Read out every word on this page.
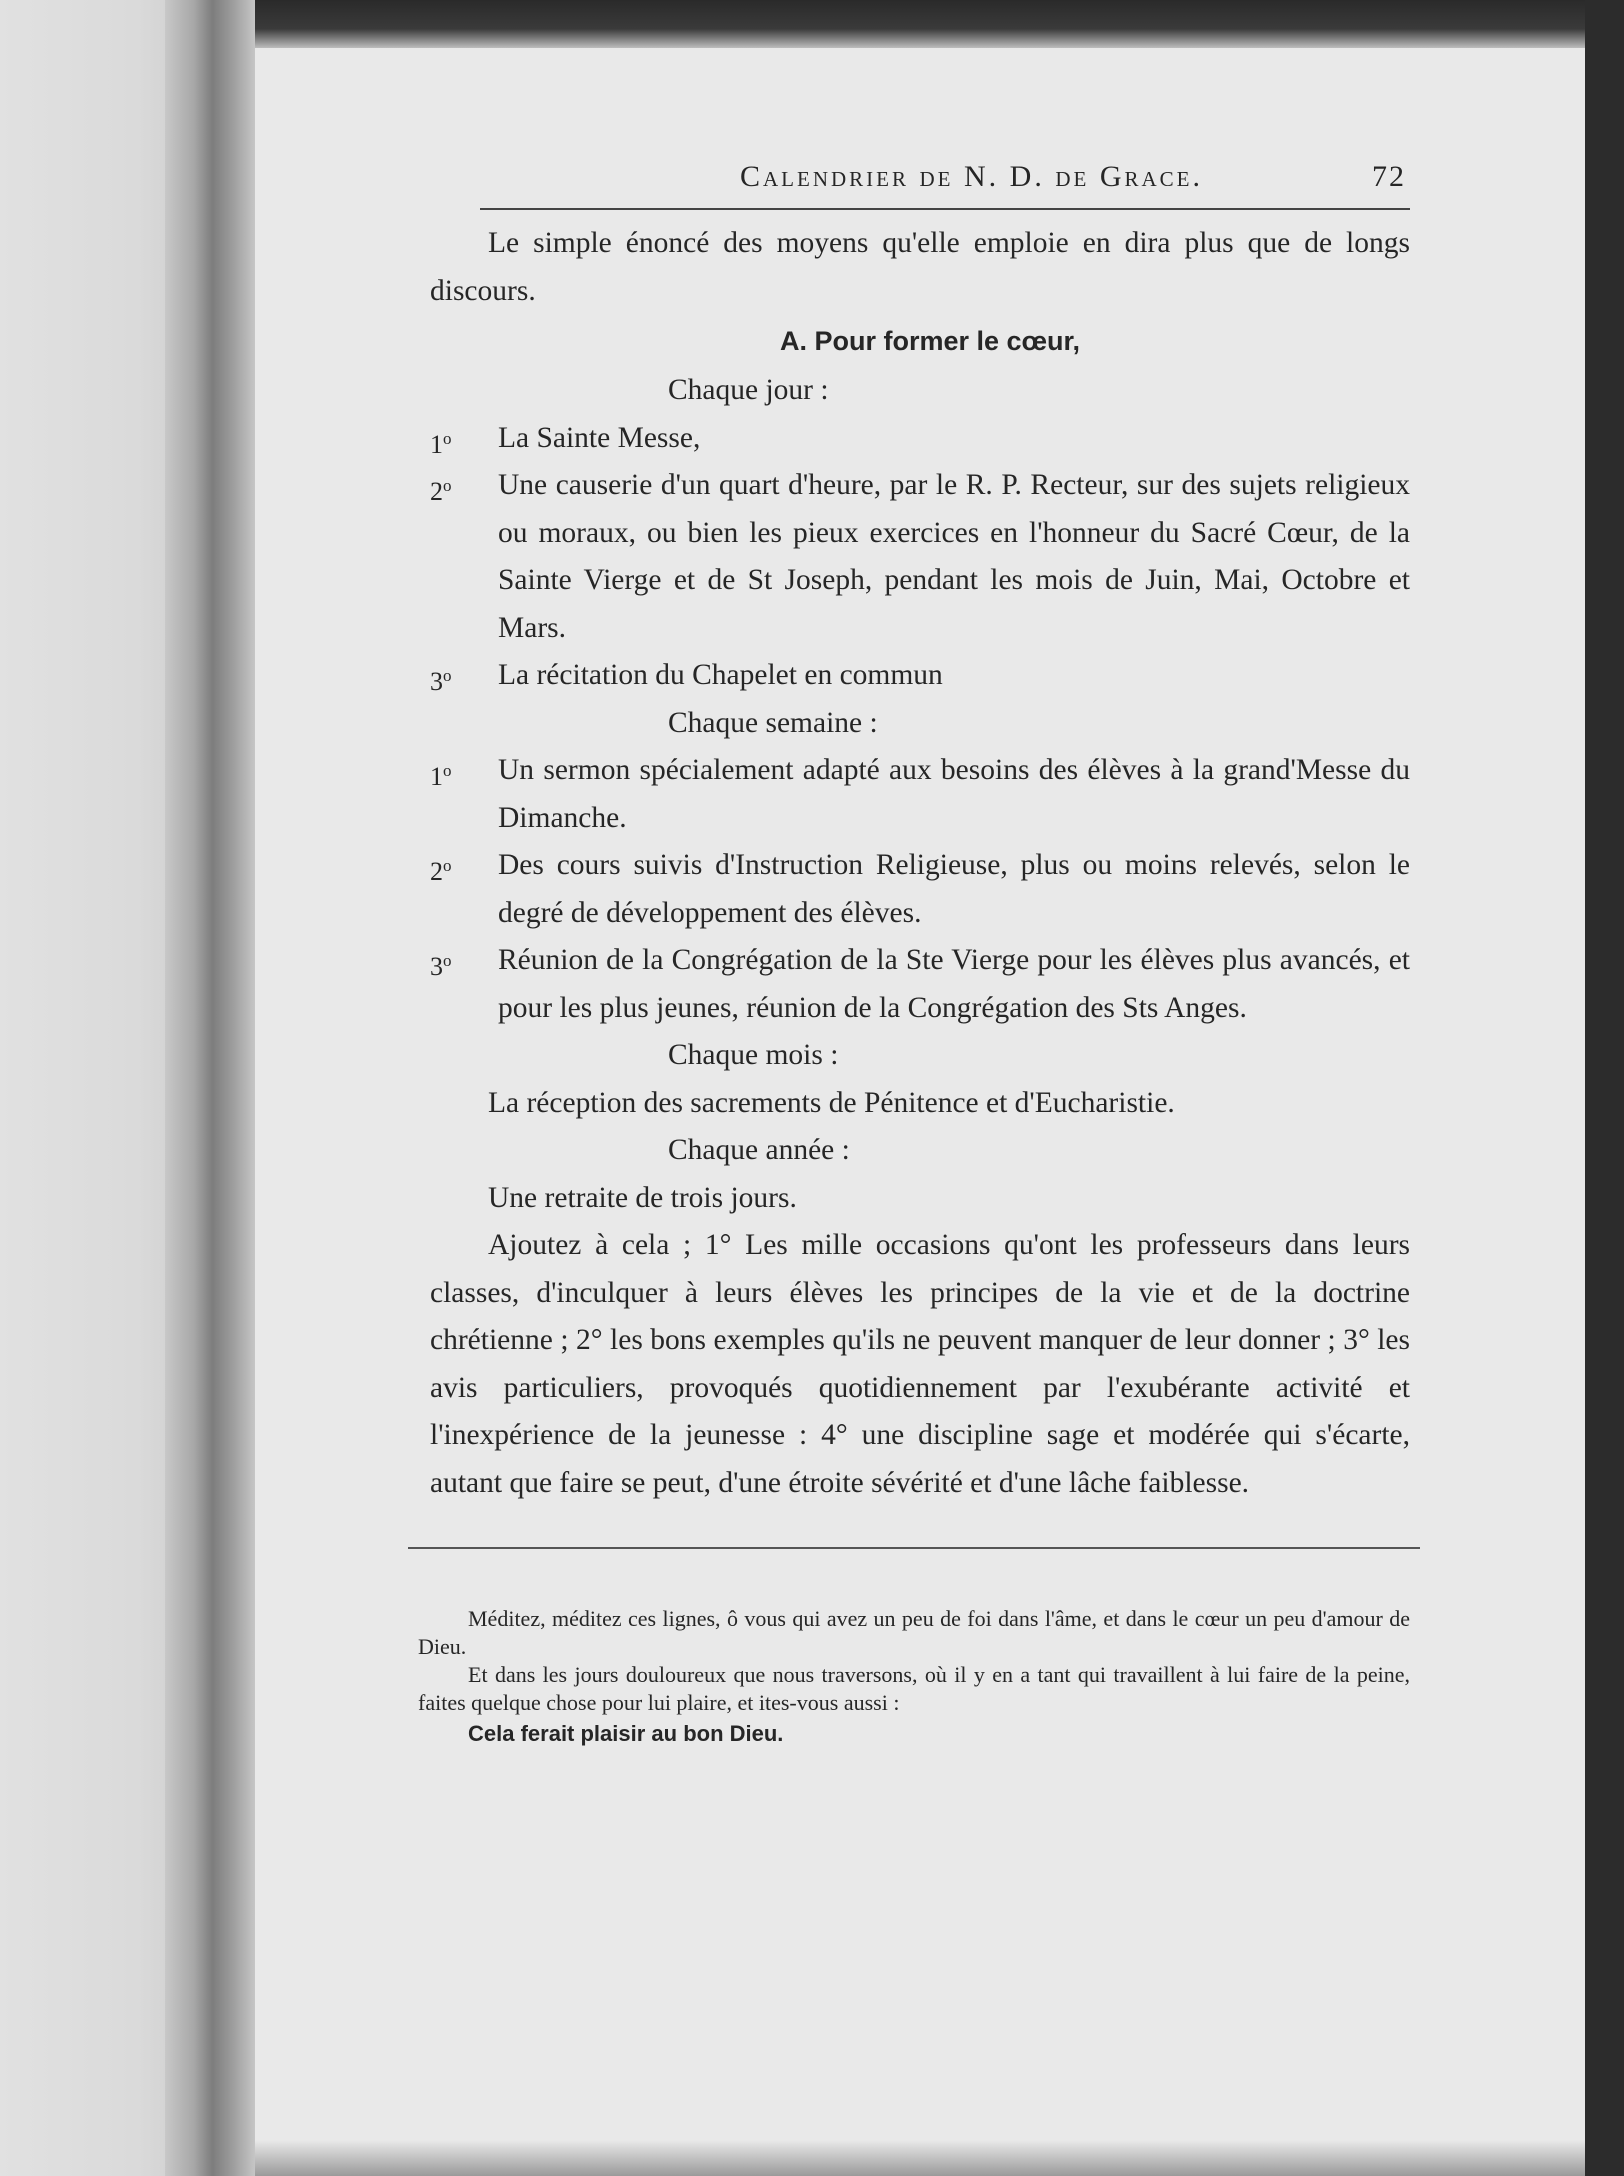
Calendrier de N. D. de Grace.	72

Le simple énoncé des moyens qu'elle emploie en dira plus que de longs discours.

A. Pour former le cœur,

Chaque jour :

1$^o$	La Sainte Messe,

2$^o$	Une causerie d'un quart d'heure, par le R. P. Recteur, sur des sujets religieux ou moraux, ou bien les pieux exercices en l'honneur du Sacré Cœur, de la Sainte Vierge et de St Joseph, pendant les mois de Juin, Mai, Octobre et Mars.

3$^o$	La récitation du Chapelet en commun

Chaque semaine :

1$^o$	Un sermon spécialement adapté aux besoins des élèves à la grand'Messe du Dimanche.

2$^o$	Des cours suivis d'Instruction Religieuse, plus ou moins relevés, selon le degré de développement des élèves.

3$^o$	Réunion de la Congrégation de la Ste Vierge pour les élèves plus avancés, et pour les plus jeunes, réunion de la Congrégation des Sts Anges.

Chaque mois :

La réception des sacrements de Pénitence et d'Eucharistie.

Chaque année :

Une retraite de trois jours.

Ajoutez à cela ; 1° Les mille occasions qu'ont les professeurs dans leurs classes, d'inculquer à leurs élèves les principes de la vie et de la doctrine chrétienne ; 2° les bons exemples qu'ils ne peuvent manquer de leur donner ; 3° les avis particuliers, provoqués quotidiennement par l'exubérante activité et l'inexpérience de la jeunesse : 4° une discipline sage et modérée qui s'écarte, autant que faire se peut, d'une étroite sévérité et d'une lâche faiblesse.

Méditez, méditez ces lignes, ô vous qui avez un peu de foi dans l'âme, et dans le cœur un peu d'amour de Dieu.

Et dans les jours douloureux que nous traversons, où il y en a tant qui travaillent à lui faire de la peine, faites quelque chose pour lui plaire, et ites-vous aussi :

Cela ferait plaisir au bon Dieu.
